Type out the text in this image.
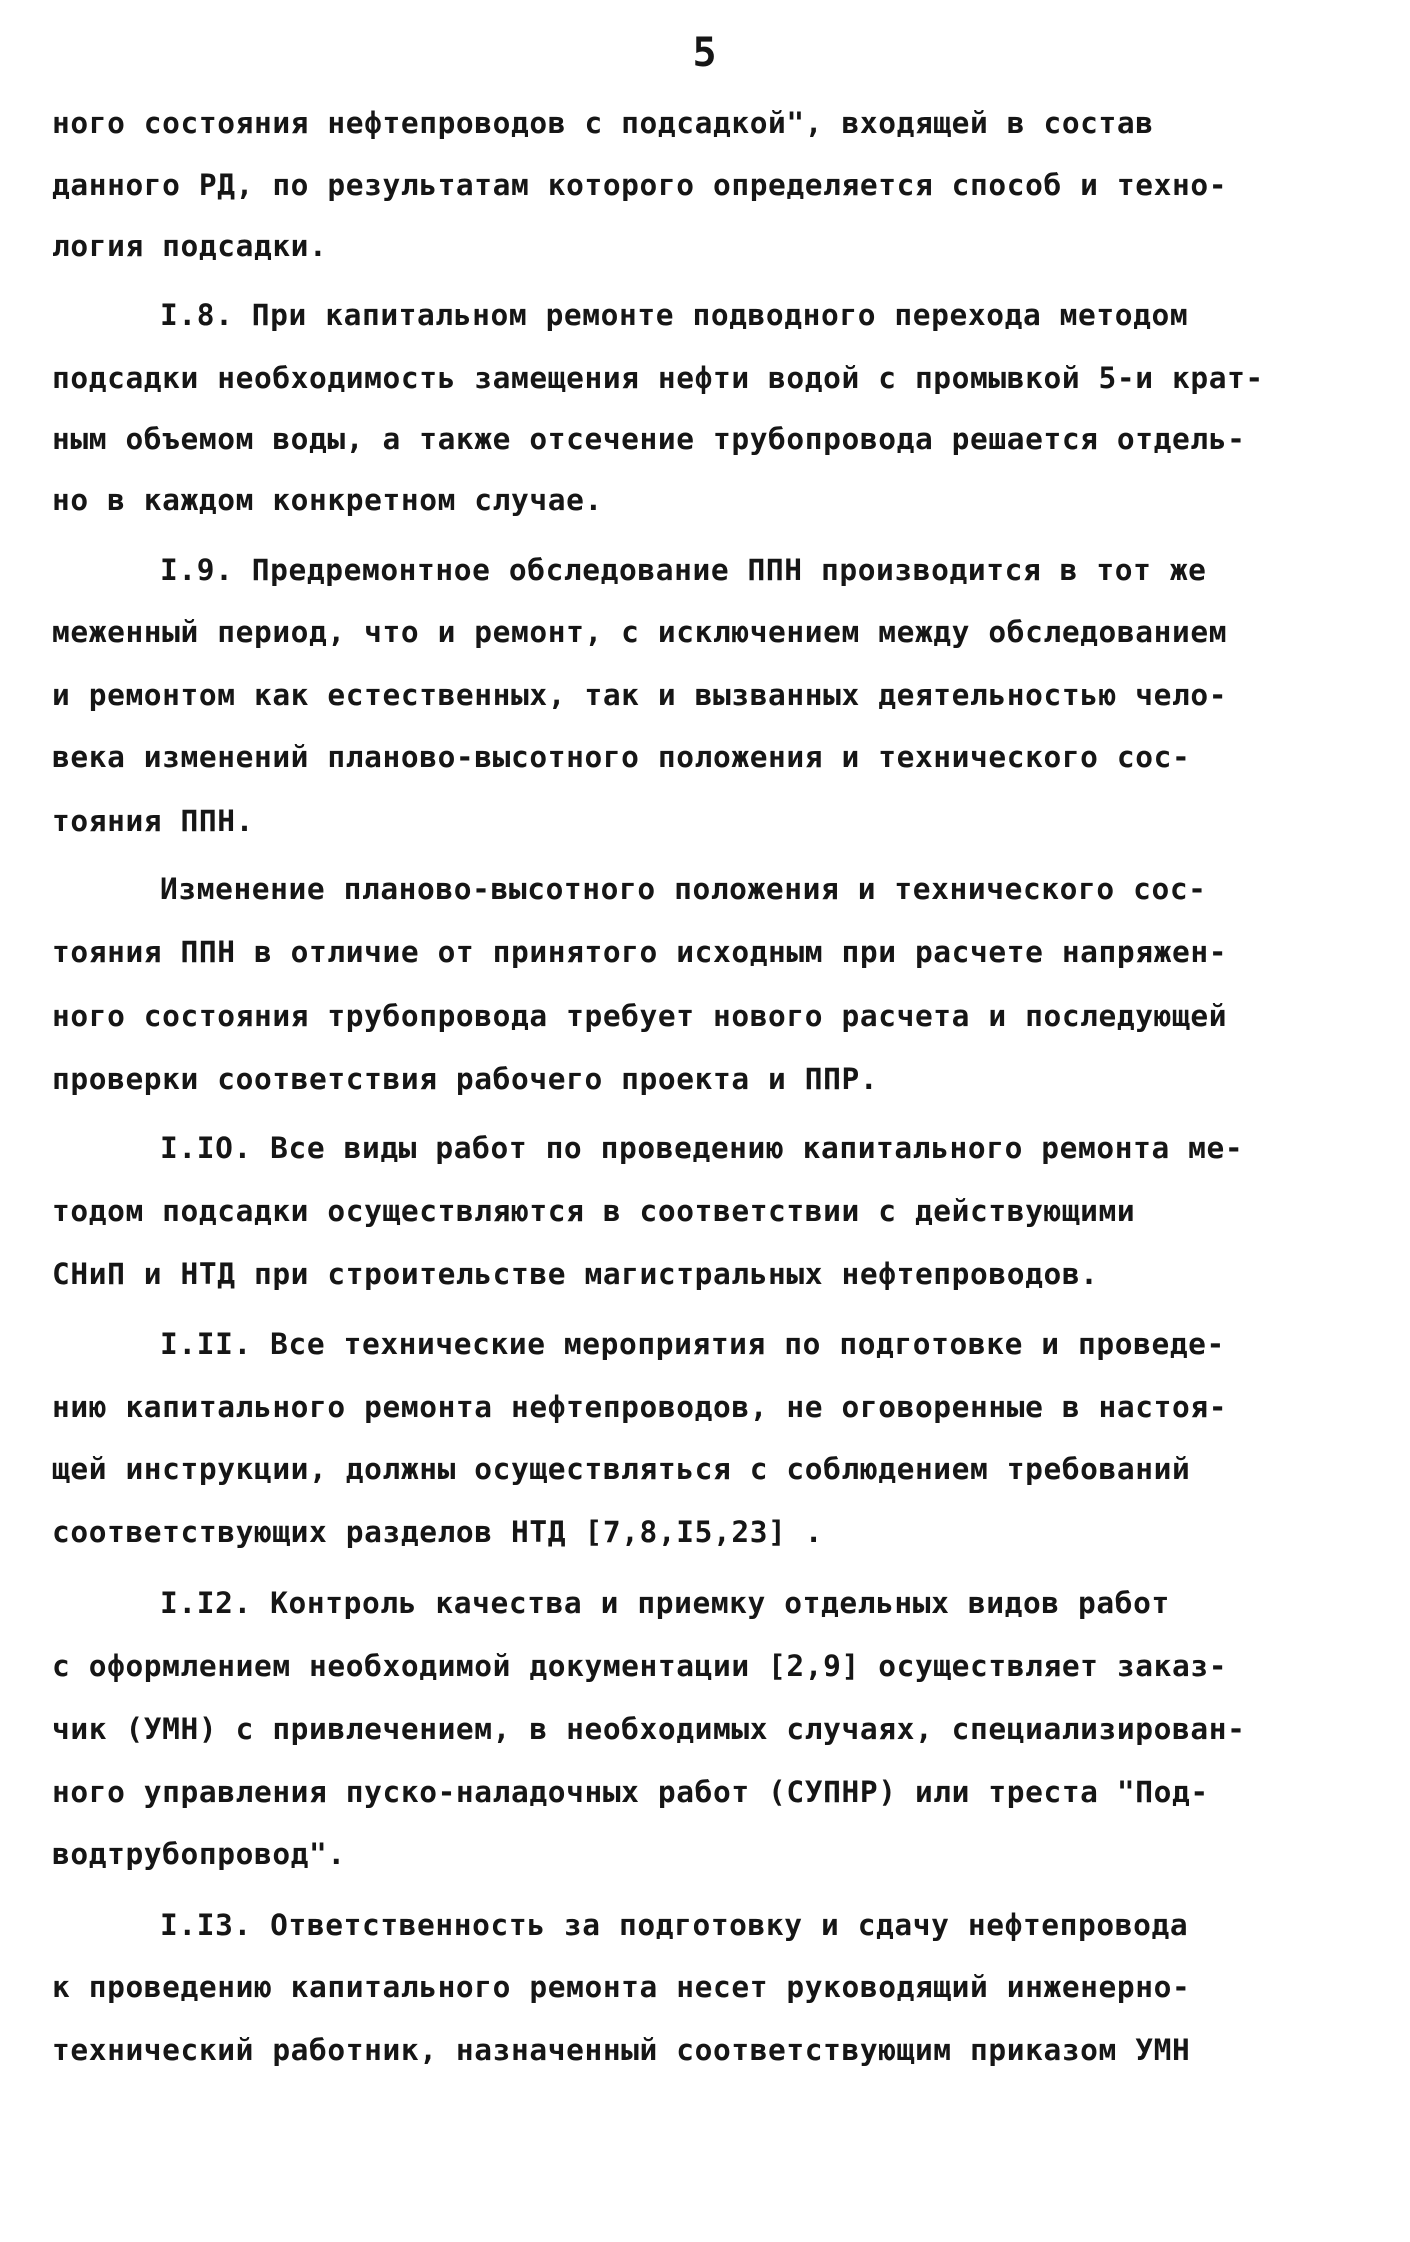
5
ного состояния нефтепроводов с подсадкой", входящей в состав
данного РД, по результатам которого определяется способ и техно-
логия подсадки.
I.8. При капитальном ремонте подводного перехода методом
подсадки необходимость замещения нефти водой с промывкой 5-и крат-
ным объемом воды, а также отсечение трубопровода решается отдель-
но в каждом конкретном случае.
I.9. Предремонтное обследование ППН производится в тот же
меженный период, что и ремонт, с исключением между обследованием
и ремонтом как естественных, так и вызванных деятельностью чело-
века изменений планово-высотного положения и технического сос-
тояния ППН.
Изменение планово-высотного положения и технического сос-
тояния ППН в отличие от принятого исходным при расчете напряжен-
ного состояния трубопровода требует нового расчета и последующей
проверки соответствия рабочего проекта и ППР.
I.IO. Все виды работ по проведению капитального ремонта ме-
тодом подсадки осуществляются в соответствии с действующими
СНиП и НТД при строительстве магистральных нефтепроводов.
I.II. Все технические мероприятия по подготовке и проведе-
нию капитального ремонта нефтепроводов, не оговоренные в настоя-
щей инструкции, должны осуществляться с соблюдением требований
соответствующих разделов НТД [7,8,I5,23] .
I.I2. Контроль качества и приемку отдельных видов работ
с оформлением необходимой документации [2,9] осуществляет заказ-
чик (УМН) с привлечением, в необходимых случаях, специализирован-
ного управления пуско-наладочных работ (СУПНР) или треста "Под-
водтрубопровод".
I.I3. Ответственность за подготовку и сдачу нефтепровода
к проведению капитального ремонта несет руководящий инженерно-
технический работник, назначенный соответствующим приказом УМН
